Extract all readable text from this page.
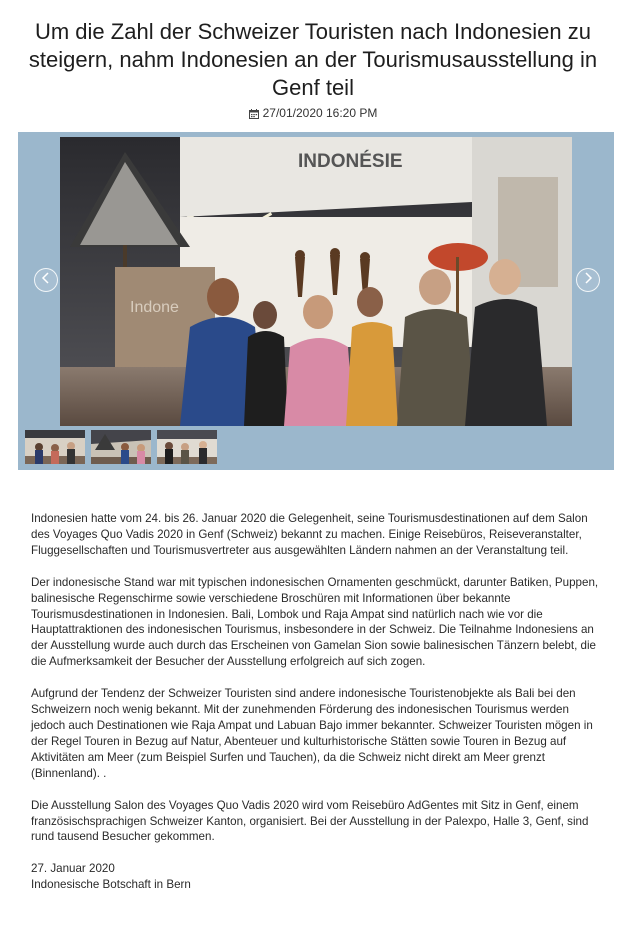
Um die Zahl der Schweizer Touristen nach Indonesien zu steigern, nahm Indonesien an der Tourismusausstellung in Genf teil
27/01/2020 16:20 PM
INDONÉSIE
Indone

Indonesien hatte vom 24. bis 26. Januar 2020 die Gelegenheit, seine Tourismusdestinationen auf dem Salon des Voyages Quo Vadis 2020 in Genf (Schweiz) bekannt zu machen. Einige Reisebüros, Reiseveranstalter, Fluggesellschaften und Tourismusvertreter aus ausgewählten Ländern nahmen an der Veranstaltung teil.

Der indonesische Stand war mit typischen indonesischen Ornamenten geschmückt, darunter Batiken, Puppen, balinesische Regenschirme sowie verschiedene Broschüren mit Informationen über bekannte Tourismusdestinationen in Indonesien. Bali, Lombok und Raja Ampat sind natürlich nach wie vor die Hauptattraktionen des indonesischen Tourismus, insbesondere in der Schweiz. Die Teilnahme Indonesiens an der Ausstellung wurde auch durch das Erscheinen von Gamelan Sion sowie balinesischen Tänzern belebt, die die Aufmerksamkeit der Besucher der Ausstellung erfolgreich auf sich zogen.

Aufgrund der Tendenz der Schweizer Touristen sind andere indonesische Touristenobjekte als Bali bei den Schweizern noch wenig bekannt. Mit der zunehmenden Förderung des indonesischen Tourismus werden jedoch auch Destinationen wie Raja Ampat und Labuan Bajo immer bekannter. Schweizer Touristen mögen in der Regel Touren in Bezug auf Natur, Abenteuer und kulturhistorische Stätten sowie Touren in Bezug auf Aktivitäten am Meer (zum Beispiel Surfen und Tauchen), da die Schweiz nicht direkt am Meer grenzt (Binnenland). .

Die Ausstellung Salon des Voyages Quo Vadis 2020 wird vom Reisebüro AdGentes mit Sitz in Genf, einem französischsprachigen Schweizer Kanton, organisiert. Bei der Ausstellung in der Palexpo, Halle 3, Genf, sind rund tausend Besucher gekommen.

27. Januar 2020
Indonesische Botschaft in Bern
